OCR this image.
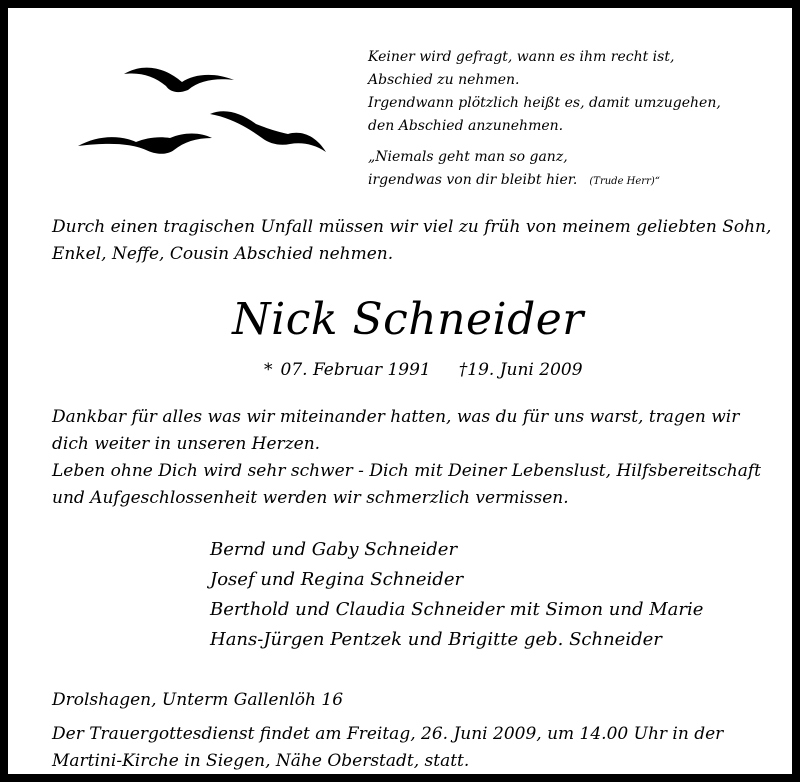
Keiner wird gefragt, wann es ihm recht ist,
Abschied zu nehmen.
Irgendwann plötzlich heißt es, damit umzugehen,
den Abschied anzunehmen.
„Niemals geht man so ganz,
irgendwas von dir bleibt hier. (Trude Herr)“
Durch einen tragischen Unfall müssen wir viel zu früh von meinem geliebten Sohn, Enkel, Neffe, Cousin Abschied nehmen.
Nick Schneider
* 07. Februar 1991 †19. Juni 2009

Dankbar für alles was wir miteinander hatten, was du für uns warst, tragen wir dich weiter in unseren Herzen.

Leben ohne Dich wird sehr schwer - Dich mit Deiner Lebenslust, Hilfsbereitschaft und Aufgeschlossenheit werden wir schmerzlich vermissen.

Bernd und Gaby Schneider
Josef und Regina Schneider
Berthold und Claudia Schneider mit Simon und Marie
Hans-Jürgen Pentzek und Brigitte geb. Schneider
Drolshagen, Unterm Gallenlöh 16
Der Trauergottesdienst findet am Freitag, 26. Juni 2009, um 14.00 Uhr in der Martini-Kirche in Siegen, Nähe Oberstadt, statt.
